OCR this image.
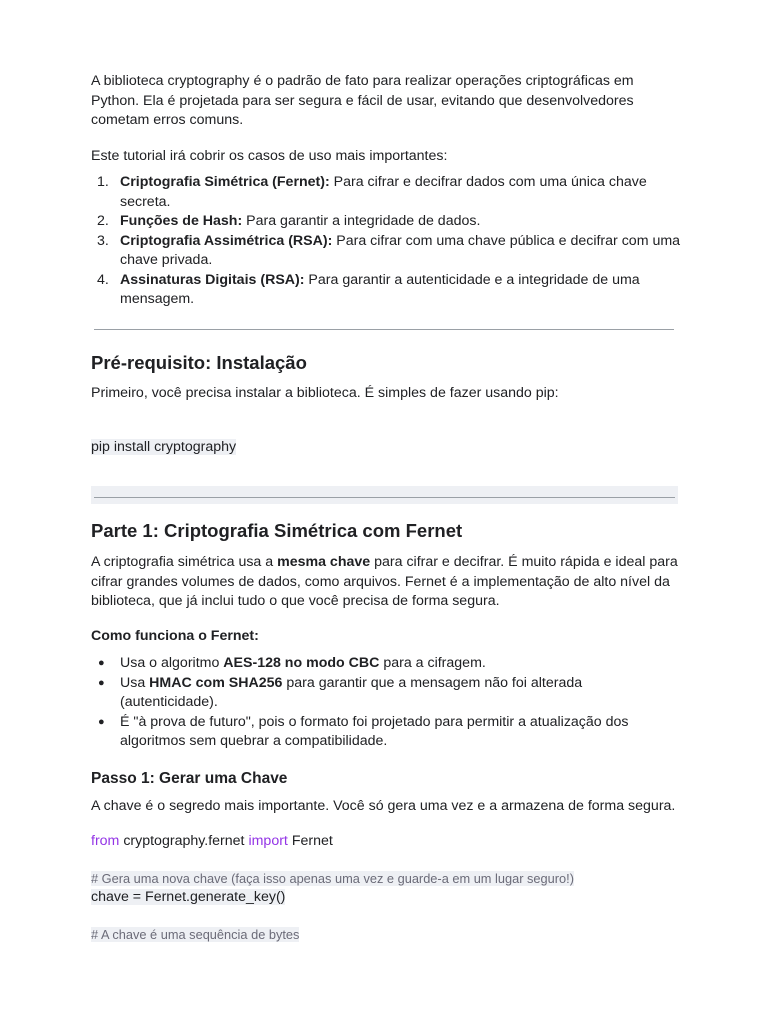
A biblioteca cryptography é o padrão de fato para realizar operações criptográficas em Python. Ela é projetada para ser segura e fácil de usar, evitando que desenvolvedores cometam erros comuns.

Este tutorial irá cobrir os casos de uso mais importantes:

1. Criptografia Simétrica (Fernet): Para cifrar e decifrar dados com uma única chave secreta.
2. Funções de Hash: Para garantir a integridade de dados.
3. Criptografia Assimétrica (RSA): Para cifrar com uma chave pública e decifrar com uma chave privada.
4. Assinaturas Digitais (RSA): Para garantir a autenticidade e a integridade de uma mensagem.
Pré-requisito: Instalação

Primeiro, você precisa instalar a biblioteca. É simples de fazer usando pip:

pip install cryptography
Parte 1: Criptografia Simétrica com Fernet

A criptografia simétrica usa a mesma chave para cifrar e decifrar. É muito rápida e ideal para cifrar grandes volumes de dados, como arquivos. Fernet é a implementação de alto nível da biblioteca, que já inclui tudo o que você precisa de forma segura.

Como funciona o Fernet:

● Usa o algoritmo AES-128 no modo CBC para a cifragem.
● Usa HMAC com SHA256 para garantir que a mensagem não foi alterada (autenticidade).
● É "à prova de futuro", pois o formato foi projetado para permitir a atualização dos algoritmos sem quebrar a compatibilidade.
Passo 1: Gerar uma Chave

A chave é o segredo mais importante. Você só gera uma vez e a armazena de forma segura.

from cryptography.fernet import Fernet
# Gera uma nova chave (faça isso apenas uma vez e guarde-a em um lugar seguro!)
chave = Fernet.generate_key()
# A chave é uma sequência de bytes
